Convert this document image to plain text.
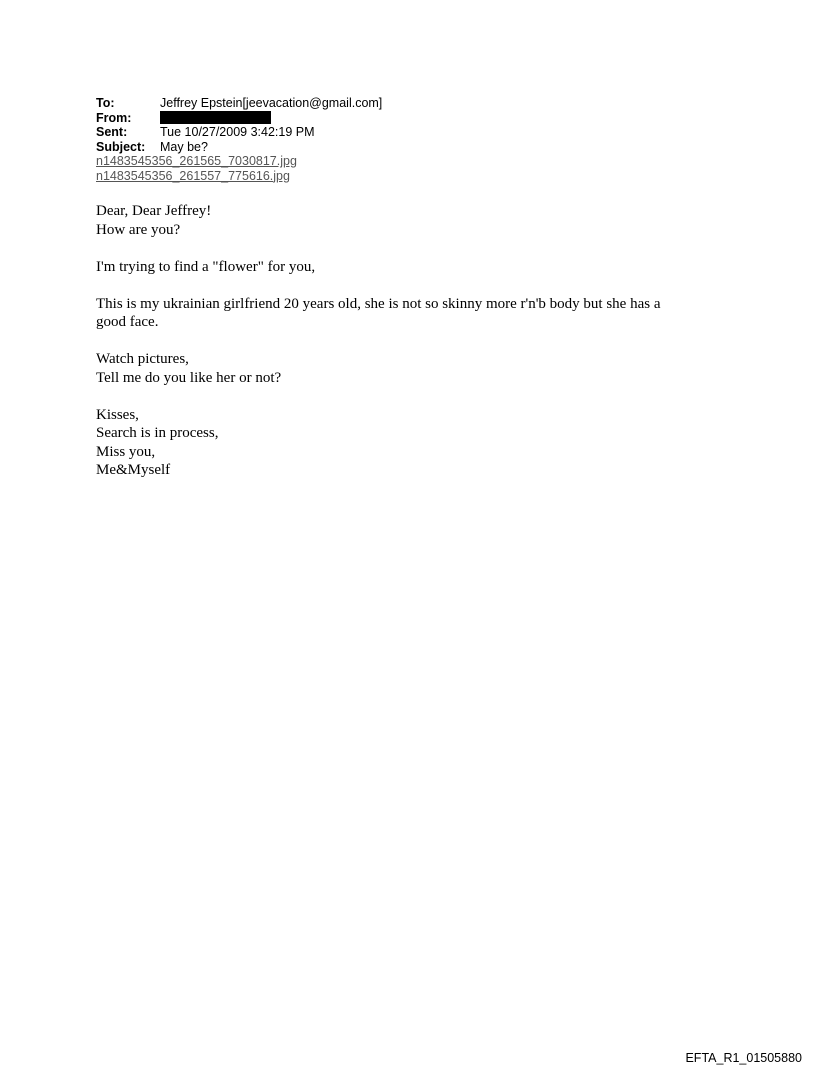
To:	Jeffrey Epstein[jeevacation@gmail.com]
From:
Sent:	Tue 10/27/2009 3:42:19 PM
Subject:	May be?
n1483545356_261565_7030817.jpg
n1483545356_261557_775616.jpg

Dear, Dear Jeffrey!
How are you?

I'm trying to find a "flower" for you,

This is my ukrainian girlfriend 20 years old, she is not so skinny more r'n'b body but she has a
good face.

Watch pictures,
Tell me do you like her or not?

Kisses,
Search is in process,
Miss you,
Me&Myself

EFTA_R1_01505880
